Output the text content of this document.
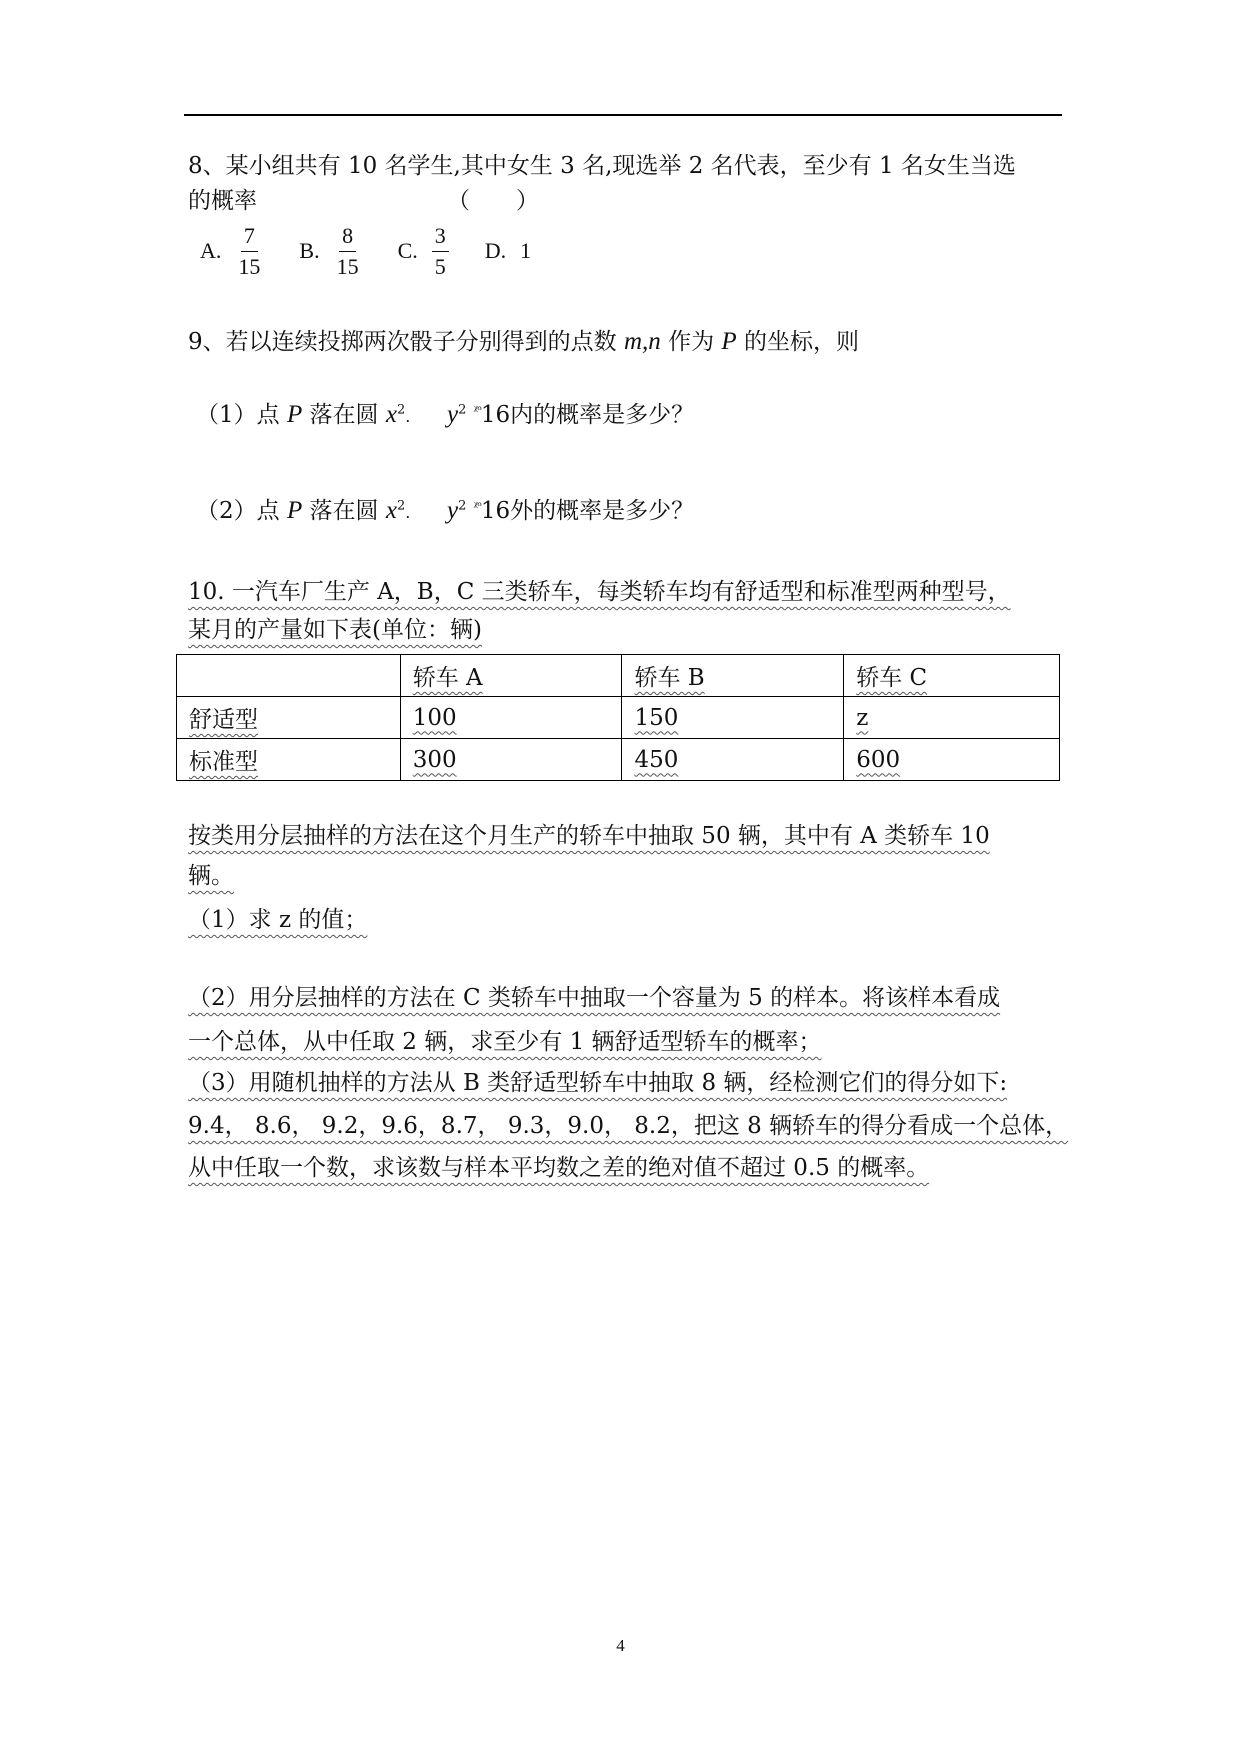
8、某小组共有 10 名学生,其中女生 3 名,现选举 2 名代表，至少有 1 名女生当选
的概率	（　　）
A. $\frac{7}{15} B$. $\frac{8}{15} C$. $\frac{3}{5} D$. 1
9、若以连续投掷两次骰子分别得到的点数 m,n 作为 P 的坐标，则
（1）点 P 落在圆 $x^2$. $y^2$ $^{ᵡᵒ}$16内的概率是多少？
（2）点 P 落在圆 $x^2$. $y^2$ $^{ᵡᵒ}$16外的概率是多少？
10. 一汽车厂生产 A，B，C 三类轿车，每类轿车均有舒适型和标准型两种型号，
某月的产量如下表(单位：辆)
	轿车 A	轿车 B	轿车 C
舒适型	100	150	z
标准型	300	450	600
按类用分层抽样的方法在这个月生产的轿车中抽取 50 辆，其中有 A 类轿车 10
辆。
（1）求 z 的值；
（2）用分层抽样的方法在 C 类轿车中抽取一个容量为 5 的样本。将该样本看成
一个总体，从中任取 2 辆，求至少有 1 辆舒适型轿车的概率；
（3）用随机抽样的方法从 B 类舒适型轿车中抽取 8 辆，经检测它们的得分如下:
9.4， 8.6， 9.2，9.6，8.7， 9.3，9.0， 8.2，把这 8 辆轿车的得分看成一个总体，
从中任取一个数，求该数与样本平均数之差的绝对值不超过 0.5 的概率。
4
